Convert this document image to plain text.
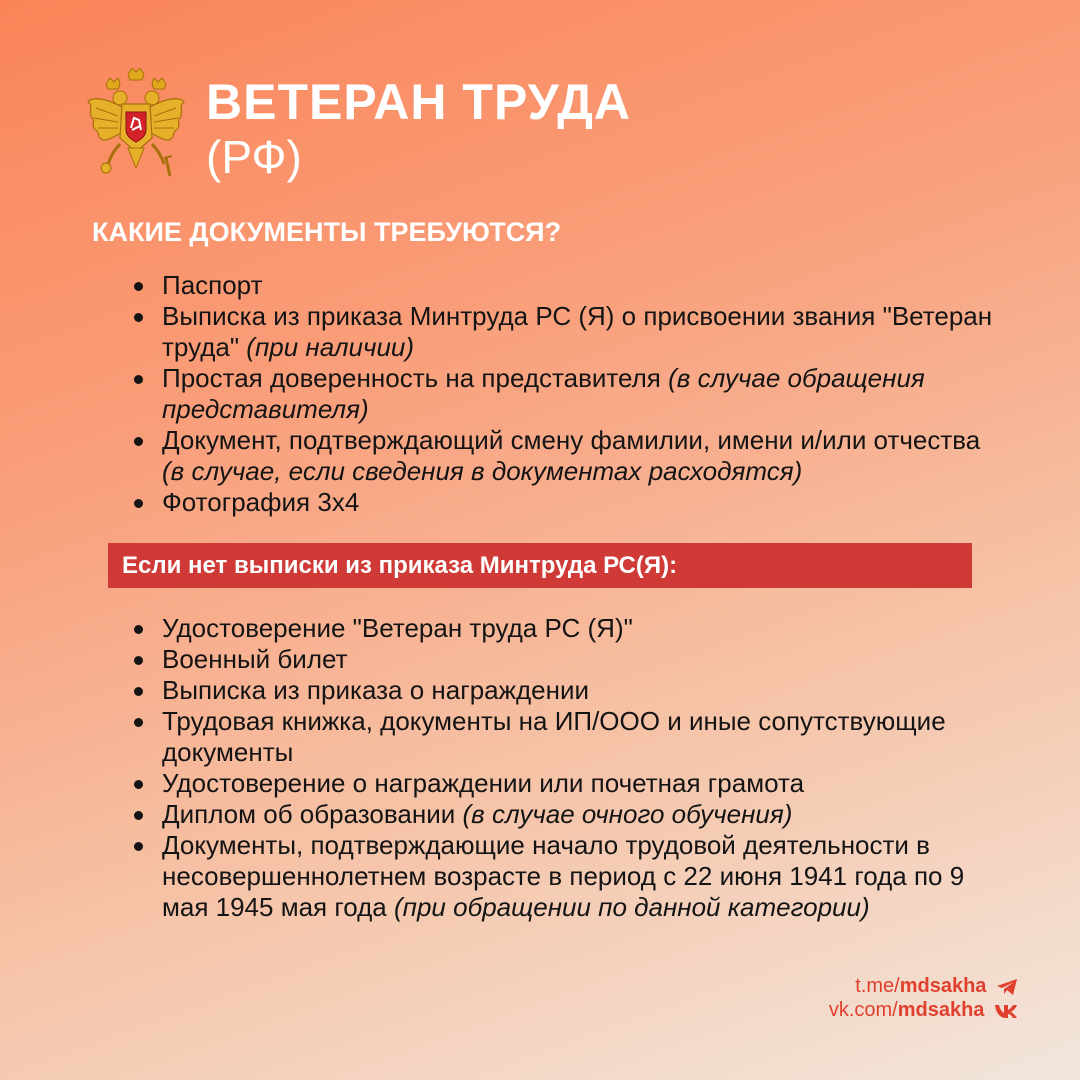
ВЕТЕРАН ТРУДА
(РФ)
КАКИЕ ДОКУМЕНТЫ ТРЕБУЮТСЯ?
Паспорт
Выписка из приказа Минтруда РС (Я) о присвоении звания "Ветеран труда" (при наличии)
Простая доверенность на представителя (в случае обращения представителя)
Документ, подтверждающий смену фамилии, имени и/или отчества (в случае, если сведения в документах расходятся)
Фотография 3х4
Если нет выписки из приказа Минтруда РС(Я):
Удостоверение "Ветеран труда РС (Я)"
Военный билет
Выписка из приказа о награждении
Трудовая книжка, документы на ИП/ООО и иные сопутствующие документы
Удостоверение о награждении или почетная грамота
Диплом об образовании (в случае очного обучения)
Документы, подтверждающие начало трудовой деятельности в несовершеннолетнем возрасте в период с 22 июня 1941 года по 9 мая 1945 мая года (при обращении по данной категории)
t.me/mdsakha
vk.com/mdsakha
